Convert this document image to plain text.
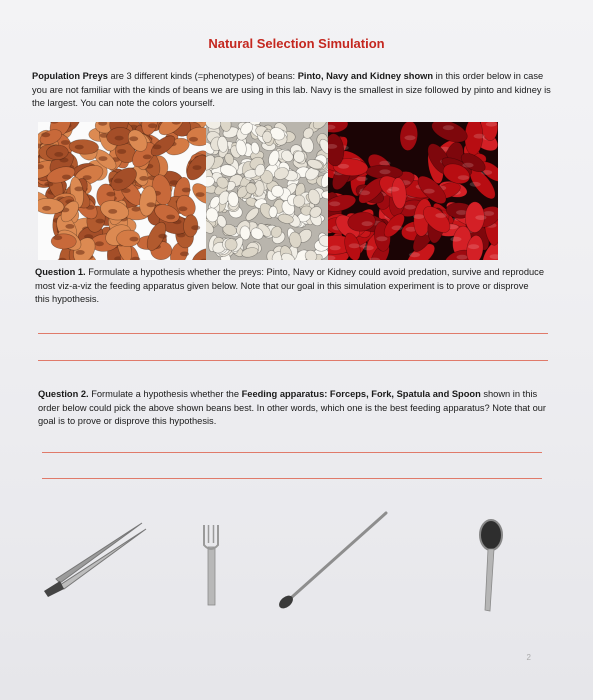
Natural Selection Simulation
Population Preys are 3 different kinds (=phenotypes) of beans: Pinto, Navy and Kidney shown in this order below in case you are not familiar with the kinds of beans we are using in this lab. Navy is the smallest in size followed by pinto and kidney is the largest. You can note the colors yourself.
Question 1. Formulate a hypothesis whether the preys: Pinto, Navy or Kidney could avoid predation, survive and reproduce most viz-a-viz the feeding apparatus given below. Note that our goal in this simulation experiment is to prove or disprove this hypothesis.
Question 2. Formulate a hypothesis whether the Feeding apparatus: Forceps, Fork, Spatula and Spoon shown in this order below could pick the above shown beans best. In other words, which one is the best feeding apparatus? Note that our goal is to prove or disprove this hypothesis.
2
